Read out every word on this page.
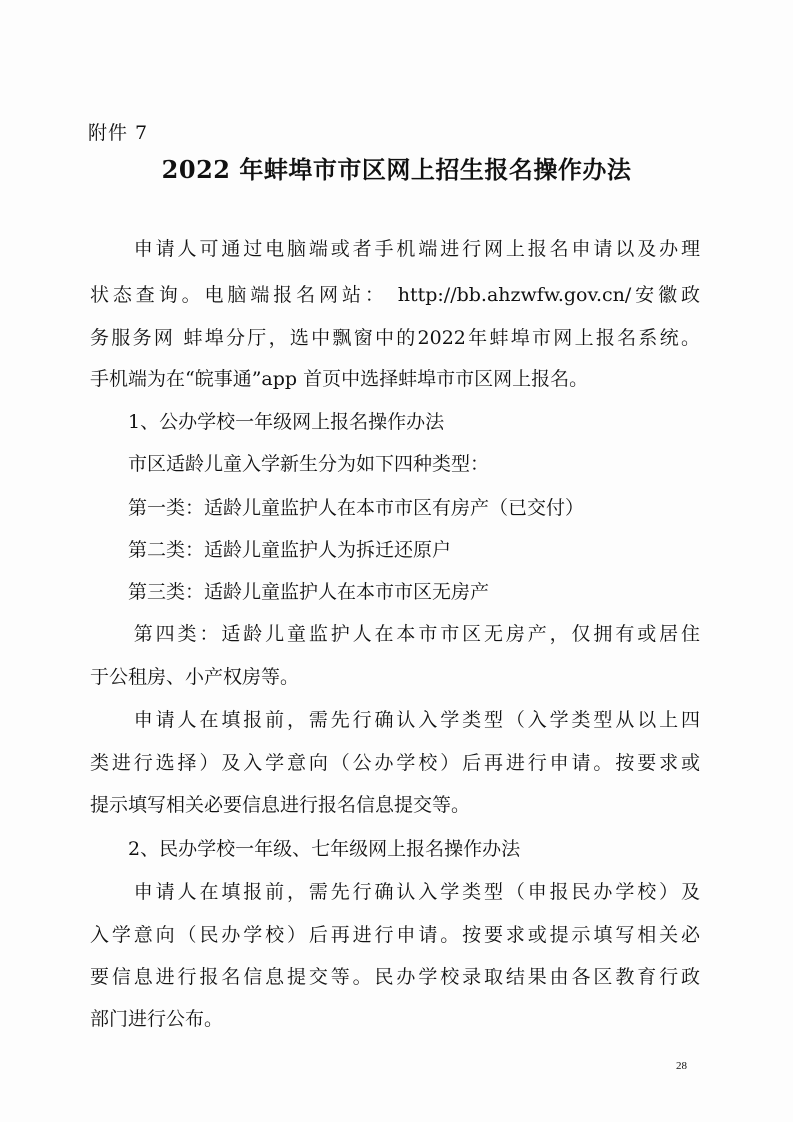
附件 7
2022 年蚌埠市市区网上招生报名操作办法
　　申请人可通过电脑端或者手机端进行网上报名申请以及办理
状态查询。电脑端报名网站： http://bb.ahzwfw.gov.cn/安徽政
务服务网 蚌埠分厅，选中飘窗中的2022年蚌埠市网上报名系统。
手机端为在“皖事通”app 首页中选择蚌埠市市区网上报名。
　　1、公办学校一年级网上报名操作办法
　　市区适龄儿童入学新生分为如下四种类型：
　　第一类：适龄儿童监护人在本市市区有房产（已交付）
　　第二类：适龄儿童监护人为拆迁还原户
　　第三类：适龄儿童监护人在本市市区无房产
　　第四类：适龄儿童监护人在本市市区无房产，仅拥有或居住
于公租房、小产权房等。
　　申请人在填报前，需先行确认入学类型（入学类型从以上四
类进行选择）及入学意向（公办学校）后再进行申请。按要求或
提示填写相关必要信息进行报名信息提交等。
　　2、民办学校一年级、七年级网上报名操作办法
　　申请人在填报前，需先行确认入学类型（申报民办学校）及
入学意向（民办学校）后再进行申请。按要求或提示填写相关必
要信息进行报名信息提交等。民办学校录取结果由各区教育行政
部门进行公布。
28
